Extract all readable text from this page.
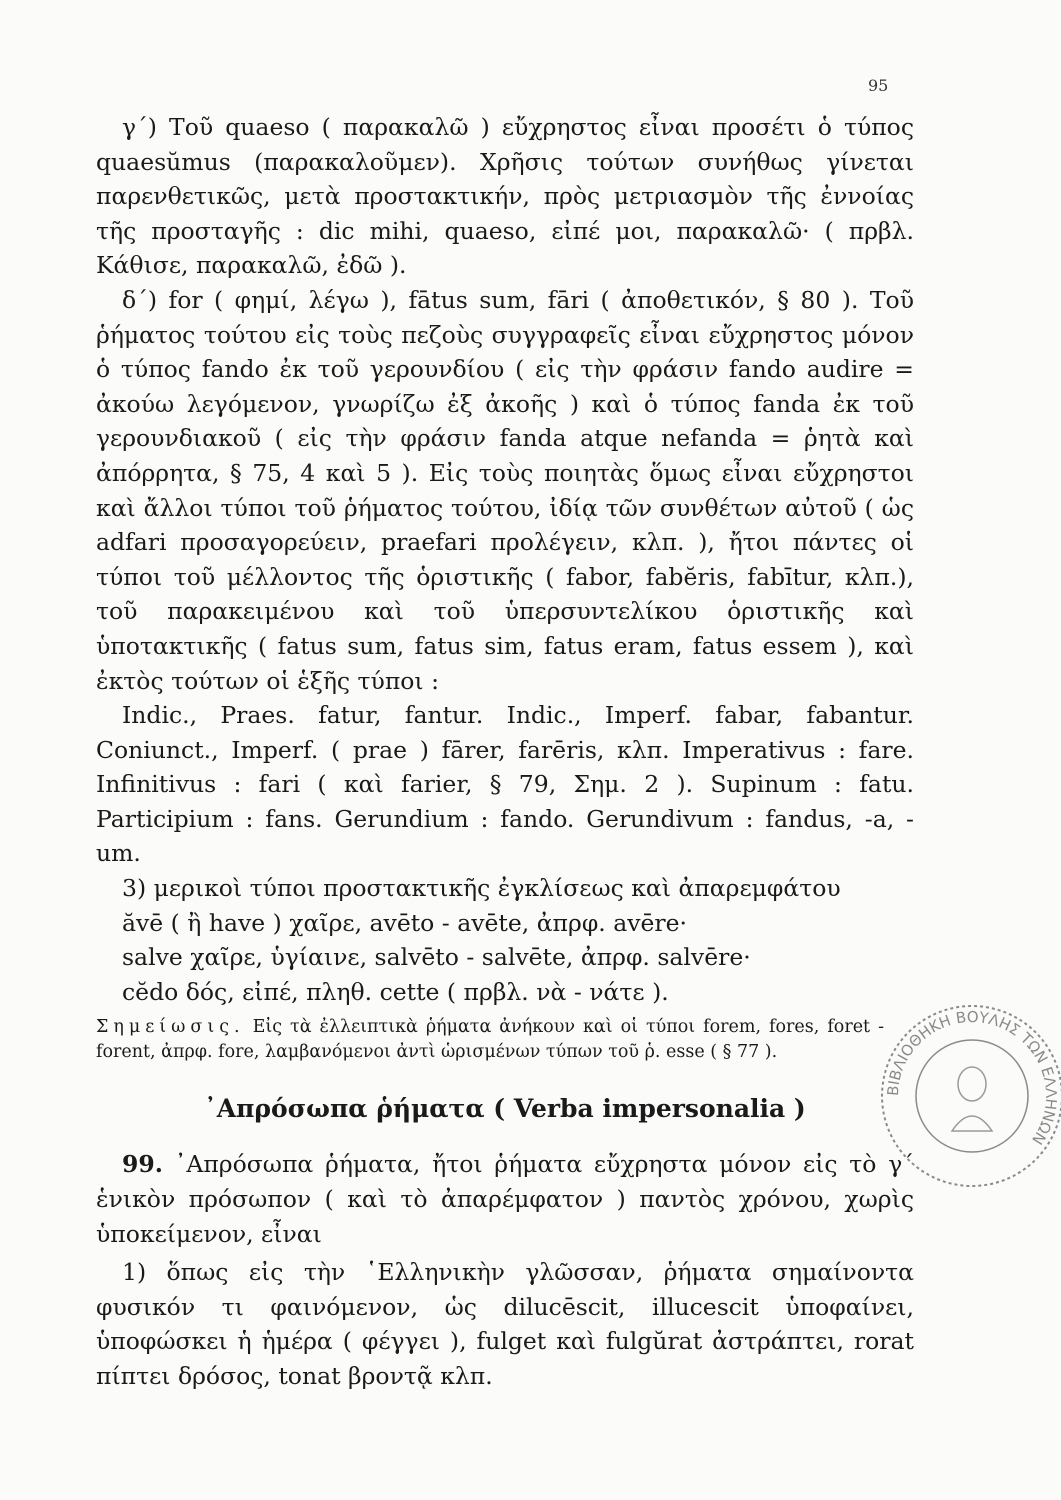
95

γ΄) Τοῦ quaeso ( παρακαλῶ ) εὔχρηστος εἶναι προσέτι ὁ τύπος quaesŭmus (παρακαλοῦμεν). Χρῆσις τούτων συνήθως γίνεται παρενθετικῶς, μετὰ προστακτικήν, πρὸς μετριασμὸν τῆς ἐννοίας τῆς προσταγῆς : dic mihi, quaeso, εἰπέ μοι, παρακαλῶ· ( πρβλ. Κάθισε, παρακαλῶ, ἐδῶ ).

δ΄) for ( φημί, λέγω ), fātus sum, fāri ( ἀποθετικόν, § 80 ). Τοῦ ῥήματος τούτου εἰς τοὺς πεζοὺς συγγραφεῖς εἶναι εὔχρηστος μόνον ὁ τύπος fando ἐκ τοῦ γερουνδίου ( εἰς τὴν φράσιν fando audire = ἀκούω λεγόμενον, γνωρίζω ἐξ ἀκοῆς ) καὶ ὁ τύπος fanda ἐκ τοῦ γερουνδιακοῦ ( εἰς τὴν φράσιν fanda atque nefanda = ῥητὰ καὶ ἀπόρρητα, § 75, 4 καὶ 5 ). Εἰς τοὺς ποιητὰς ὅμως εἶναι εὔχρηστοι καὶ ἄλλοι τύποι τοῦ ῥήματος τούτου, ἰδίᾳ τῶν συνθέτων αὐτοῦ ( ὡς adfari προσαγορεύειν, praefari προλέγειν, κλπ. ), ἤτοι πάντες οἱ τύποι τοῦ μέλλοντος τῆς ὁριστικῆς ( fabor, fabĕris, fabītur, κλπ.), τοῦ παρακειμένου καὶ τοῦ ὑπερσυντελίκου ὁριστικῆς καὶ ὑποτακτικῆς ( fatus sum, fatus sim, fatus eram, fatus essem ), καὶ ἐκτὸς τούτων οἱ ἑξῆς τύποι :

Indic., Praes. fatur, fantur. Indic., Imperf. fabar, fabantur. Coniunct., Imperf. ( prae ) fārer, farēris, κλπ. Imperativus : fare. Infinitivus : fari ( καὶ farier, § 79, Σημ. 2 ). Supinum : fatu. Participium : fans. Gerundium : fando. Gerundivum : fandus, -a, -um.

3) μερικοὶ τύποι προστακτικῆς ἐγκλίσεως καὶ ἀπαρεμφάτου

ăvē ( ἢ have ) χαῖρε, avēto - avēte, ἀπρφ. avēre·

salve χαῖρε, ὑγίαινε, salvēto - salvēte, ἀπρφ. salvēre·

cĕdo δός, εἰπέ, πληθ. cette ( πρβλ. νὰ - νάτε ).

Σημείωσις. Εἰς τὰ ἐλλειπτικὰ ῥήματα ἀνήκουν καὶ οἱ τύποι forem, fores, foret - forent, ἀπρφ. fore, λαμβανόμενοι ἀντὶ ὡρισμένων τύπων τοῦ ῥ. esse ( § 77 ).

᾿Απρόσωπα ῥήματα ( Verba impersonalia )

99. ᾿Απρόσωπα ῥήματα, ἤτοι ῥήματα εὔχρηστα μόνον εἰς τὸ γ΄ ἑνικὸν πρόσωπον ( καὶ τὸ ἀπαρέμφατον ) παντὸς χρόνου, χωρὶς ὑποκείμενον, εἶναι

1) ὅπως εἰς τὴν ῾Ελληνικὴν γλῶσσαν, ῥήματα σημαίνοντα φυσικόν τι φαινόμενον, ὡς dilucēscit, illucescit ὑποφαίνει, ὑποφώσκει ἡ ἡμέρα ( φέγγει ), fulget καὶ fulgŭrat ἀστράπτει, rorat πίπτει δρόσος, tonat βροντᾷ κλπ.

ΒΙΒΛΙΟΘΗΚΗ ΒΟΥΛΗΣ ΤΩΝ ΕΛΛΗΝΩΝ
